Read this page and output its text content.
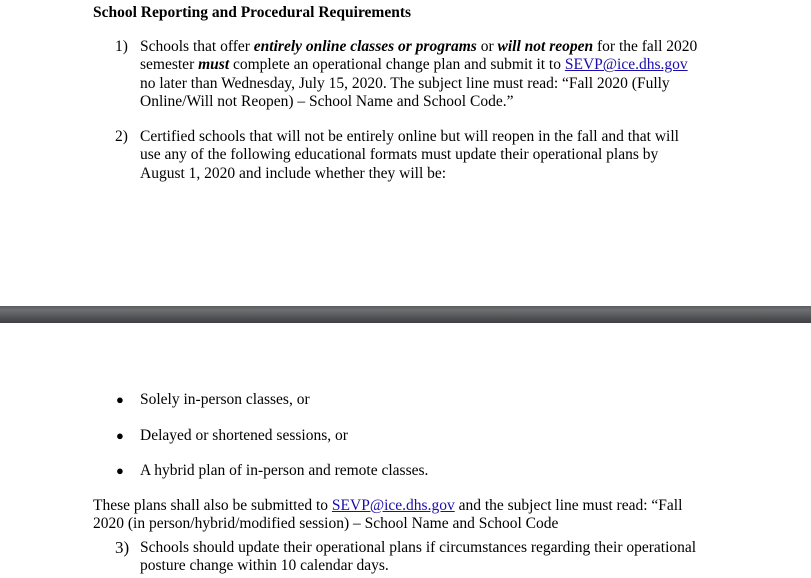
School Reporting and Procedural Requirements
1) Schools that offer entirely online classes or programs or will not reopen for the fall 2020
semester must complete an operational change plan and submit it to SEVP@ice.dhs.gov
no later than Wednesday, July 15, 2020. The subject line must read: “Fall 2020 (Fully
Online/Will not Reopen) – School Name and School Code.”
2) Certified schools that will not be entirely online but will reopen in the fall and that will
use any of the following educational formats must update their operational plans by
August 1, 2020 and include whether they will be:
● Solely in-person classes, or
● Delayed or shortened sessions, or
● A hybrid plan of in-person and remote classes.
These plans shall also be submitted to SEVP@ice.dhs.gov and the subject line must read: “Fall
2020 (in person/hybrid/modified session) – School Name and School Code
3) Schools should update their operational plans if circumstances regarding their operational
posture change within 10 calendar days.
